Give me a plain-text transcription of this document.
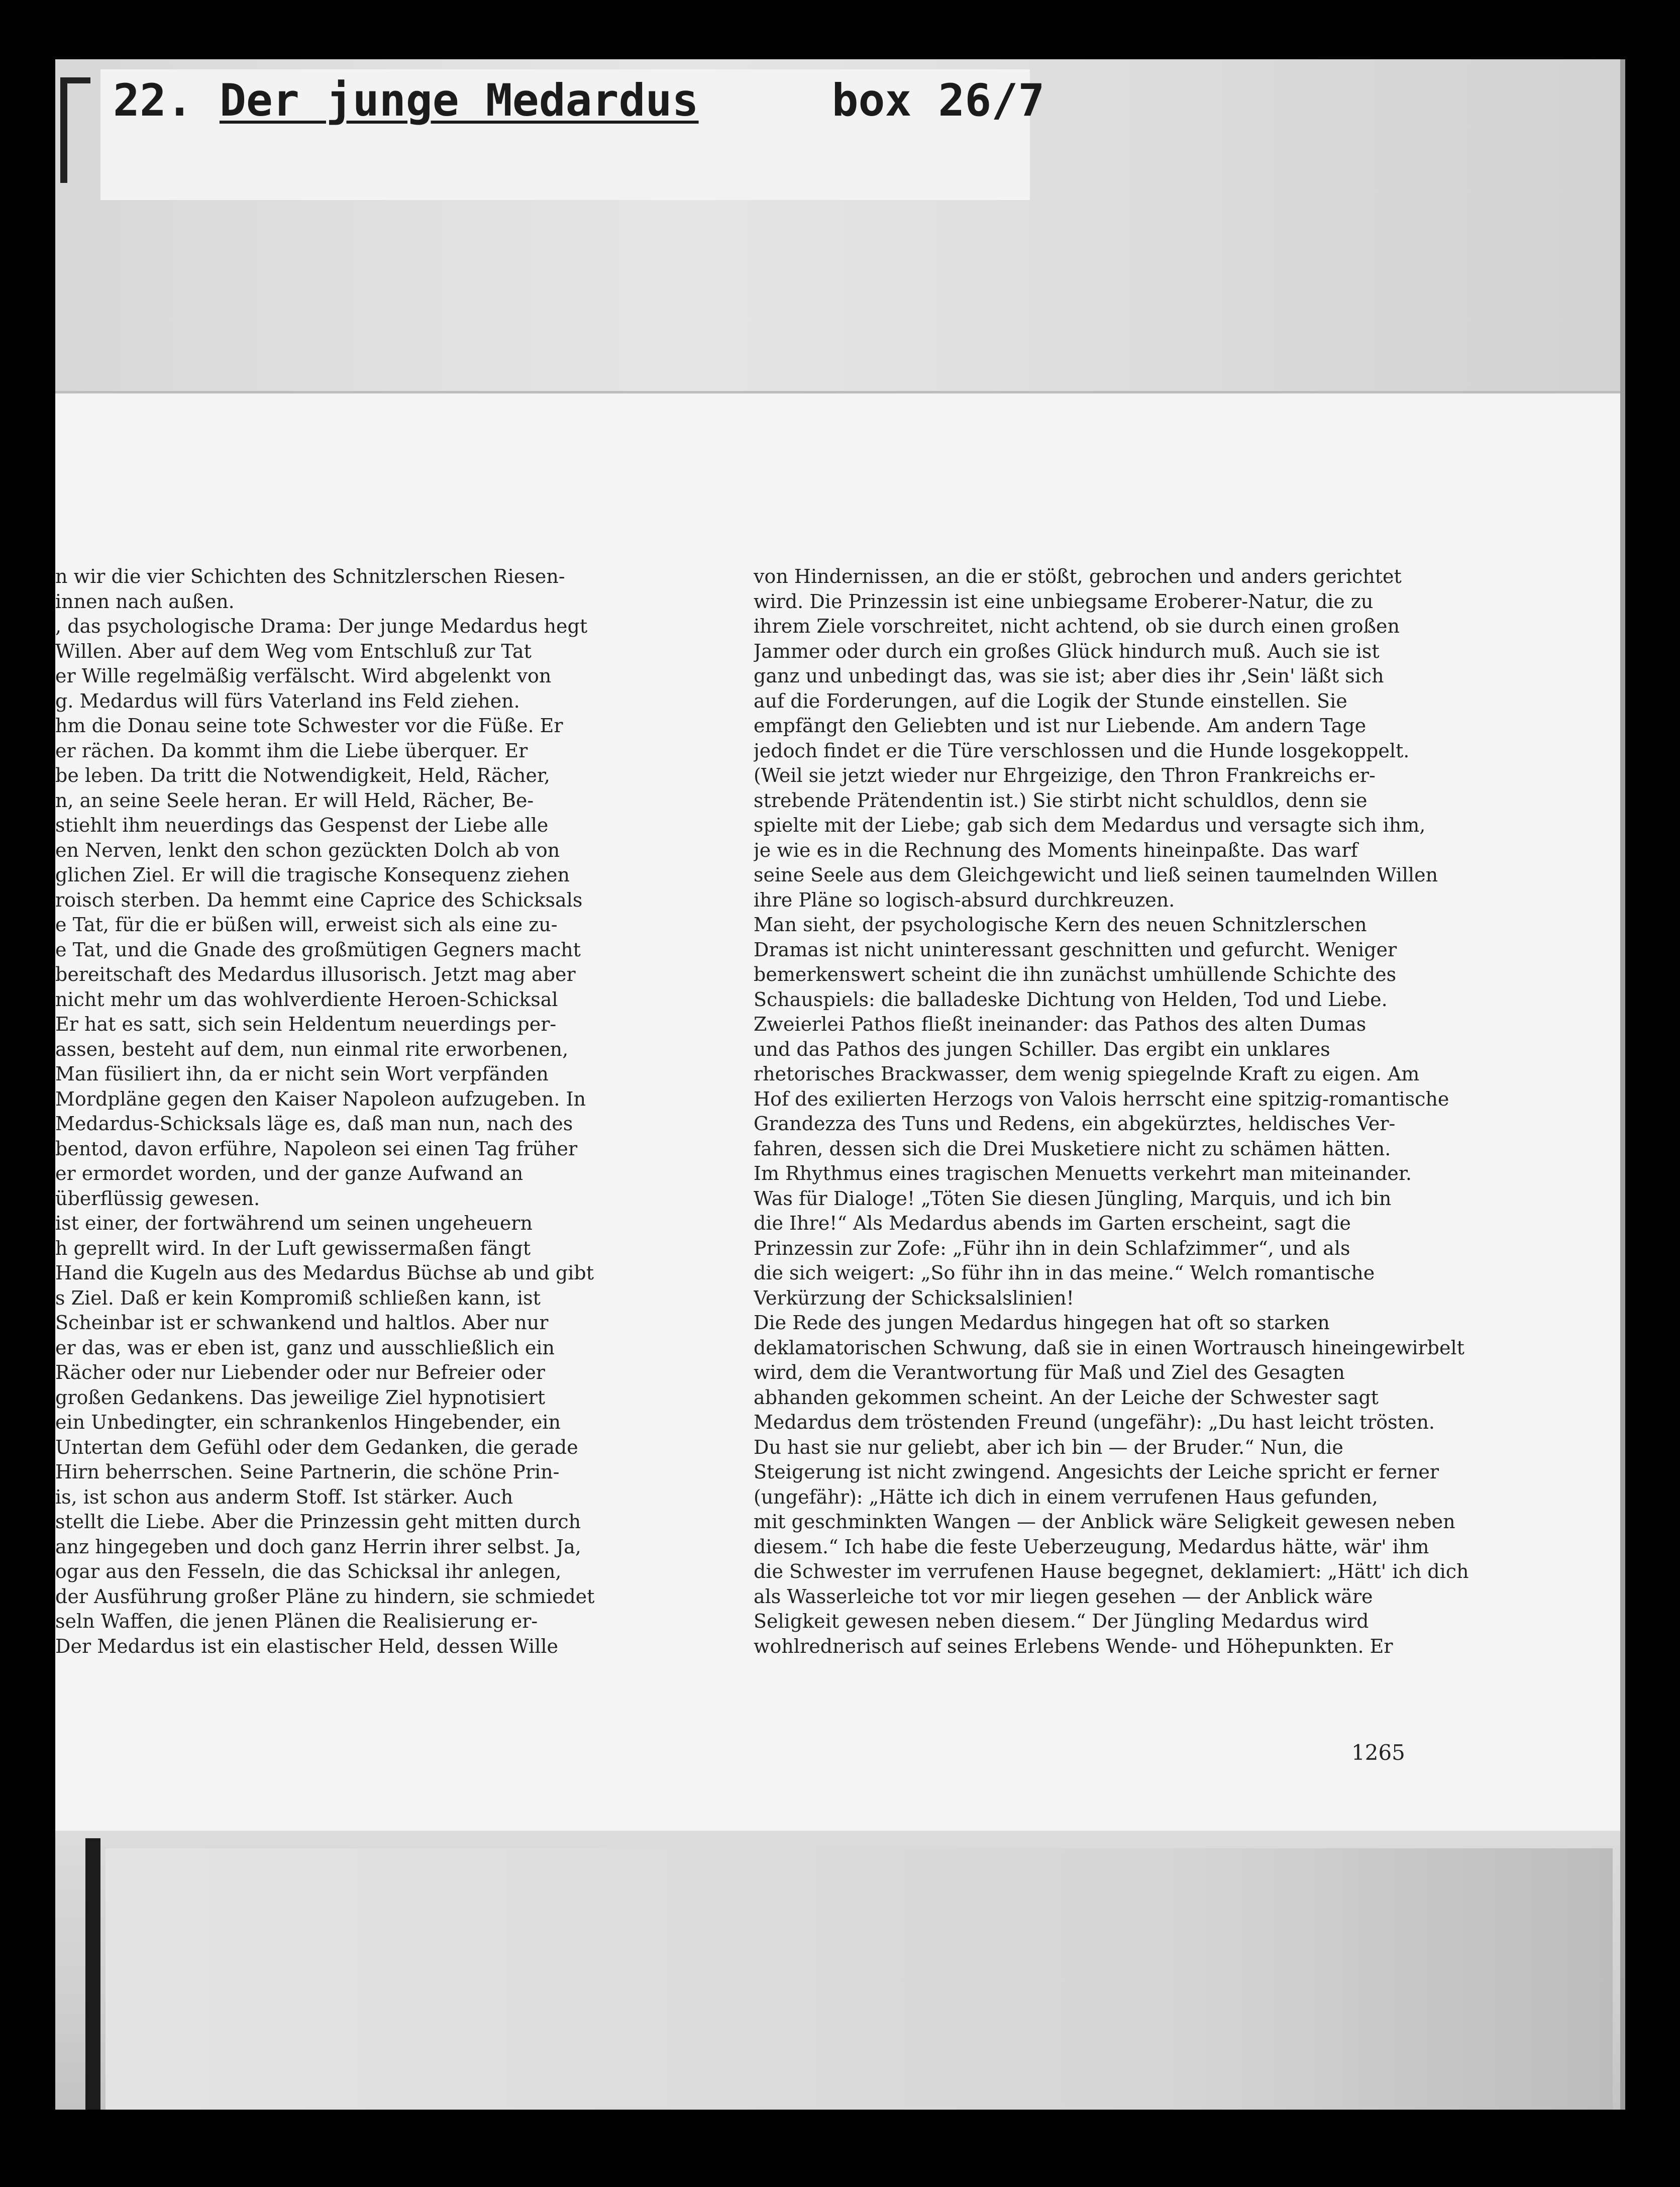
22. Der junge Medardus	box 26/7
n wir die vier Schichten des Schnitzlerschen Riesen-
innen nach außen.
, das psychologische Drama: Der junge Medardus hegt
Willen. Aber auf dem Weg vom Entschluß zur Tat
er Wille regelmäßig verfälscht. Wird abgelenkt von
g. Medardus will fürs Vaterland ins Feld ziehen.
hm die Donau seine tote Schwester vor die Füße. Er
er rächen. Da kommt ihm die Liebe überquer. Er
be leben. Da tritt die Notwendigkeit, Held, Rächer,
n, an seine Seele heran. Er will Held, Rächer, Be-
stiehlt ihm neuerdings das Gespenst der Liebe alle
en Nerven, lenkt den schon gezückten Dolch ab von
glichen Ziel. Er will die tragische Konsequenz ziehen
roisch sterben. Da hemmt eine Caprice des Schicksals
e Tat, für die er büßen will, erweist sich als eine zu-
e Tat, und die Gnade des großmütigen Gegners macht
bereitschaft des Medardus illusorisch. Jetzt mag aber
nicht mehr um das wohlverdiente Heroen-Schicksal
Er hat es satt, sich sein Heldentum neuerdings per-
assen, besteht auf dem, nun einmal rite erworbenen,
Man füsiliert ihn, da er nicht sein Wort verpfänden
Mordpläne gegen den Kaiser Napoleon aufzugeben. In
Medardus-Schicksals läge es, daß man nun, nach des
bentod, davon erführe, Napoleon sei einen Tag früher
er ermordet worden, und der ganze Aufwand an
überflüssig gewesen.
ist einer, der fortwährend um seinen ungeheuern
h geprellt wird. In der Luft gewissermaßen fängt
Hand die Kugeln aus des Medardus Büchse ab und gibt
s Ziel. Daß er kein Kompromiß schließen kann, ist
Scheinbar ist er schwankend und haltlos. Aber nur
er das, was er eben ist, ganz und ausschließlich ein
Rächer oder nur Liebender oder nur Befreier oder
großen Gedankens. Das jeweilige Ziel hypnotisiert
ein Unbedingter, ein schrankenlos Hingebender, ein
Untertan dem Gefühl oder dem Gedanken, die gerade
Hirn beherrschen. Seine Partnerin, die schöne Prin-
is, ist schon aus anderm Stoff. Ist stärker. Auch
stellt die Liebe. Aber die Prinzessin geht mitten durch
anz hingegeben und doch ganz Herrin ihrer selbst. Ja,
ogar aus den Fesseln, die das Schicksal ihr anlegen,
der Ausführung großer Pläne zu hindern, sie schmiedet
seln Waffen, die jenen Plänen die Realisierung er-
Der Medardus ist ein elastischer Held, dessen Wille
von Hindernissen, an die er stößt, gebrochen und anders gerichtet
wird. Die Prinzessin ist eine unbiegsame Eroberer-Natur, die zu
ihrem Ziele vorschreitet, nicht achtend, ob sie durch einen großen
Jammer oder durch ein großes Glück hindurch muß. Auch sie ist
ganz und unbedingt das, was sie ist; aber dies ihr ‚Sein' läßt sich
auf die Forderungen, auf die Logik der Stunde einstellen. Sie
empfängt den Geliebten und ist nur Liebende. Am andern Tage
jedoch findet er die Türe verschlossen und die Hunde losgekoppelt.
(Weil sie jetzt wieder nur Ehrgeizige, den Thron Frankreichs er-
strebende Prätendentin ist.) Sie stirbt nicht schuldlos, denn sie
spielte mit der Liebe; gab sich dem Medardus und versagte sich ihm,
je wie es in die Rechnung des Moments hineinpaßte. Das warf
seine Seele aus dem Gleichgewicht und ließ seinen taumelnden Willen
ihre Pläne so logisch-absurd durchkreuzen.
Man sieht, der psychologische Kern des neuen Schnitzlerschen
Dramas ist nicht uninteressant geschnitten und gefurcht. Weniger
bemerkenswert scheint die ihn zunächst umhüllende Schichte des
Schauspiels: die balladeske Dichtung von Helden, Tod und Liebe.
Zweierlei Pathos fließt ineinander: das Pathos des alten Dumas
und das Pathos des jungen Schiller. Das ergibt ein unklares
rhetorisches Brackwasser, dem wenig spiegelnde Kraft zu eigen. Am
Hof des exilierten Herzogs von Valois herrscht eine spitzig-romantische
Grandezza des Tuns und Redens, ein abgekürztes, heldisches Ver-
fahren, dessen sich die Drei Musketiere nicht zu schämen hätten.
Im Rhythmus eines tragischen Menuetts verkehrt man miteinander.
Was für Dialoge! „Töten Sie diesen Jüngling, Marquis, und ich bin
die Ihre!“ Als Medardus abends im Garten erscheint, sagt die
Prinzessin zur Zofe: „Führ ihn in dein Schlafzimmer“, und als
die sich weigert: „So führ ihn in das meine.“ Welch romantische
Verkürzung der Schicksalslinien!
Die Rede des jungen Medardus hingegen hat oft so starken
deklamatorischen Schwung, daß sie in einen Wortrausch hineingewirbelt
wird, dem die Verantwortung für Maß und Ziel des Gesagten
abhanden gekommen scheint. An der Leiche der Schwester sagt
Medardus dem tröstenden Freund (ungefähr): „Du hast leicht trösten.
Du hast sie nur geliebt, aber ich bin — der Bruder.“ Nun, die
Steigerung ist nicht zwingend. Angesichts der Leiche spricht er ferner
(ungefähr): „Hätte ich dich in einem verrufenen Haus gefunden,
mit geschminkten Wangen — der Anblick wäre Seligkeit gewesen neben
diesem.“ Ich habe die feste Ueberzeugung, Medardus hätte, wär' ihm
die Schwester im verrufenen Hause begegnet, deklamiert: „Hätt' ich dich
als Wasserleiche tot vor mir liegen gesehen — der Anblick wäre
Seligkeit gewesen neben diesem.“ Der Jüngling Medardus wird
wohlrednerisch auf seines Erlebens Wende- und Höhepunkten. Er
1265
